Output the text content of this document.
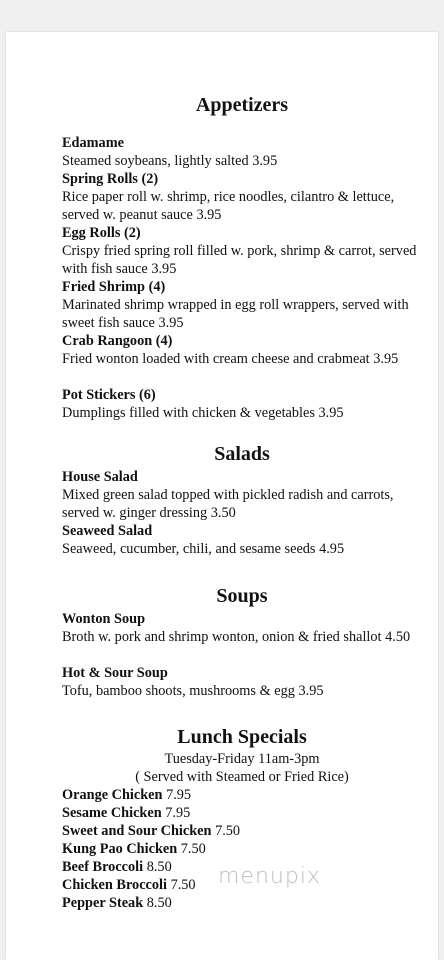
Appetizers
Edamame
Steamed soybeans, lightly salted 3.95
Spring Rolls (2)
Rice paper roll w. shrimp, rice noodles, cilantro & lettuce, served w. peanut sauce 3.95
Egg Rolls (2)
Crispy fried spring roll filled w. pork, shrimp & carrot, served with fish sauce 3.95
Fried Shrimp (4)
Marinated shrimp wrapped in egg roll wrappers, served with sweet fish sauce 3.95
Crab Rangoon (4)
Fried wonton loaded with cream cheese and crabmeat 3.95
Pot Stickers (6)
Dumplings filled with chicken & vegetables 3.95
Salads
House Salad
Mixed green salad topped with pickled radish and carrots, served w. ginger dressing 3.50
Seaweed Salad
Seaweed, cucumber, chili, and sesame seeds 4.95
Soups
Wonton Soup
Broth w. pork and shrimp wonton, onion & fried shallot 4.50
Hot & Sour Soup
Tofu, bamboo shoots, mushrooms & egg 3.95
Lunch Specials
Tuesday-Friday 11am-3pm
( Served with Steamed or Fried Rice)
Orange Chicken 7.95
Sesame Chicken 7.95
Sweet and Sour Chicken 7.50
Kung Pao Chicken 7.50
Beef Broccoli 8.50
Chicken Broccoli 7.50
Pepper Steak 8.50
menupix
